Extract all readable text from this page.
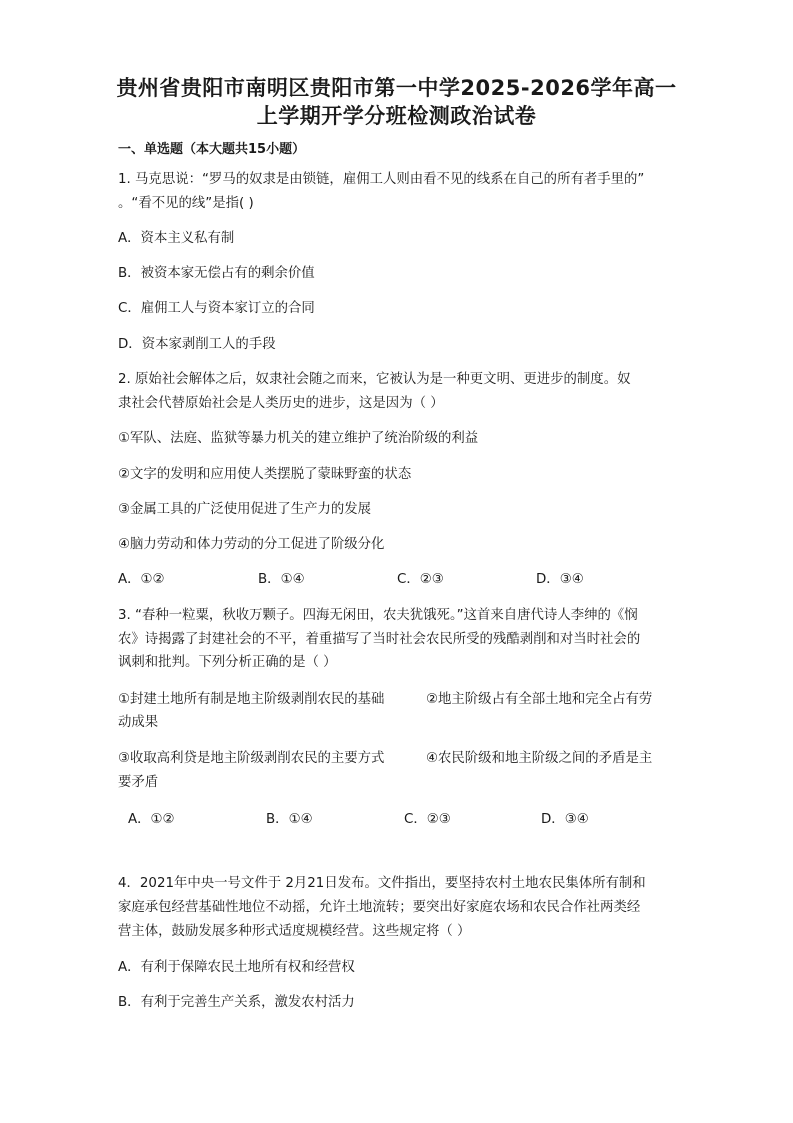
贵州省贵阳市南明区贵阳市第一中学2025-2026学年高一
上学期开学分班检测政治试卷
一、单选题（本大题共15小题）
1. 马克思说：“罗马的奴隶是由锁链，雇佣工人则由看不见的线系在自己的所有者手里的”
。“看不见的线”是指( )
A．资本主义私有制
B．被资本家无偿占有的剩余价值
C．雇佣工人与资本家订立的合同
D．资本家剥削工人的手段
2. 原始社会解体之后，奴隶社会随之而来，它被认为是一种更文明、更进步的制度。奴
隶社会代替原始社会是人类历史的进步，这是因为（ ）
①军队、法庭、监狱等暴力机关的建立维护了统治阶级的利益
②文字的发明和应用使人类摆脱了蒙昧野蛮的状态
③金属工具的广泛使用促进了生产力的发展
④脑力劳动和体力劳动的分工促进了阶级分化
A．①②	B．①④	C．②③	D．③④
3. “春种一粒粟，秋收万颗子。四海无闲田，农夫犹饿死。”这首来自唐代诗人李绅的《悯
农》诗揭露了封建社会的不平，着重描写了当时社会农民所受的残酷剥削和对当时社会的
讽刺和批判。下列分析正确的是（ ）
①封建土地所有制是地主阶级剥削农民的基础	②地主阶级占有全部土地和完全占有劳
动成果
③收取高利贷是地主阶级剥削农民的主要方式	④农民阶级和地主阶级之间的矛盾是主
要矛盾
A．①②	B．①④	C．②③	D．③④
4．2021年中央一号文件于 2月21日发布。文件指出，要坚持农村土地农民集体所有制和
家庭承包经营基础性地位不动摇，允许土地流转；要突出好家庭农场和农民合作社两类经
营主体，鼓励发展多种形式适度规模经营。这些规定将（ ）
A．有利于保障农民土地所有权和经营权
B．有利于完善生产关系，激发农村活力
